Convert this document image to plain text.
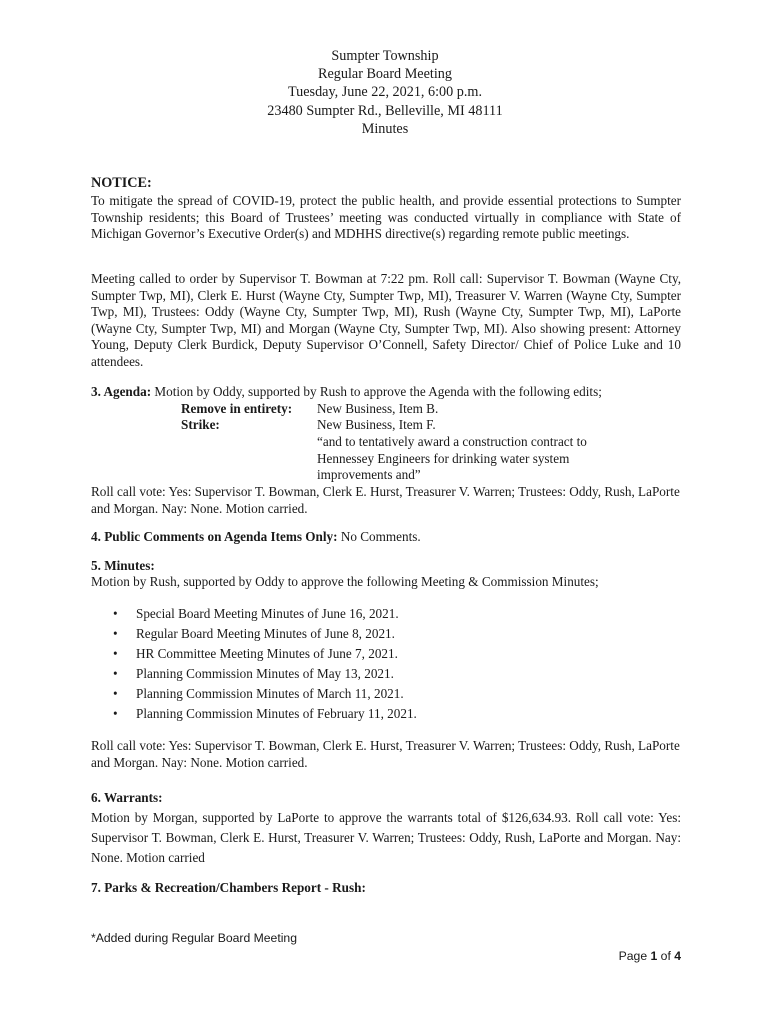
Sumpter Township
Regular Board Meeting
Tuesday, June 22, 2021, 6:00 p.m.
23480 Sumpter Rd., Belleville, MI 48111
Minutes
NOTICE:
To mitigate the spread of COVID-19, protect the public health, and provide essential protections to Sumpter Township residents; this Board of Trustees’ meeting was conducted virtually in compliance with State of Michigan Governor’s Executive Order(s) and MDHHS directive(s) regarding remote public meetings.
Meeting called to order by Supervisor T. Bowman at 7:22 pm. Roll call: Supervisor T. Bowman (Wayne Cty, Sumpter Twp, MI), Clerk E. Hurst (Wayne Cty, Sumpter Twp, MI), Treasurer V. Warren (Wayne Cty, Sumpter Twp, MI), Trustees: Oddy (Wayne Cty, Sumpter Twp, MI), Rush (Wayne Cty, Sumpter Twp, MI), LaPorte (Wayne Cty, Sumpter Twp, MI) and Morgan (Wayne Cty, Sumpter Twp, MI). Also showing present: Attorney Young, Deputy Clerk Burdick, Deputy Supervisor O’Connell, Safety Director/ Chief of Police Luke and 10 attendees.
3. Agenda: Motion by Oddy, supported by Rush to approve the Agenda with the following edits;
Remove in entirety: New Business, Item B.
Strike:	New Business, Item F.
“and to tentatively award a construction contract to
Hennessey Engineers for drinking water system
improvements and”
Roll call vote: Yes: Supervisor T. Bowman, Clerk E. Hurst, Treasurer V. Warren; Trustees: Oddy, Rush, LaPorte and Morgan. Nay: None. Motion carried.
4. Public Comments on Agenda Items Only: No Comments.
5. Minutes:
Motion by Rush, supported by Oddy to approve the following Meeting & Commission Minutes;
• Special Board Meeting Minutes of June 16, 2021.
• Regular Board Meeting Minutes of June 8, 2021.
• HR Committee Meeting Minutes of June 7, 2021.
• Planning Commission Minutes of May 13, 2021.
• Planning Commission Minutes of March 11, 2021.
• Planning Commission Minutes of February 11, 2021.
Roll call vote: Yes: Supervisor T. Bowman, Clerk E. Hurst, Treasurer V. Warren; Trustees: Oddy, Rush, LaPorte and Morgan. Nay: None. Motion carried.
6. Warrants:
Motion by Morgan, supported by LaPorte to approve the warrants total of $126,634.93. Roll call vote: Yes: Supervisor T. Bowman, Clerk E. Hurst, Treasurer V. Warren; Trustees: Oddy, Rush, LaPorte and Morgan. Nay: None. Motion carried
7. Parks & Recreation/Chambers Report - Rush:
*Added during Regular Board Meeting
Page 1 of 4
